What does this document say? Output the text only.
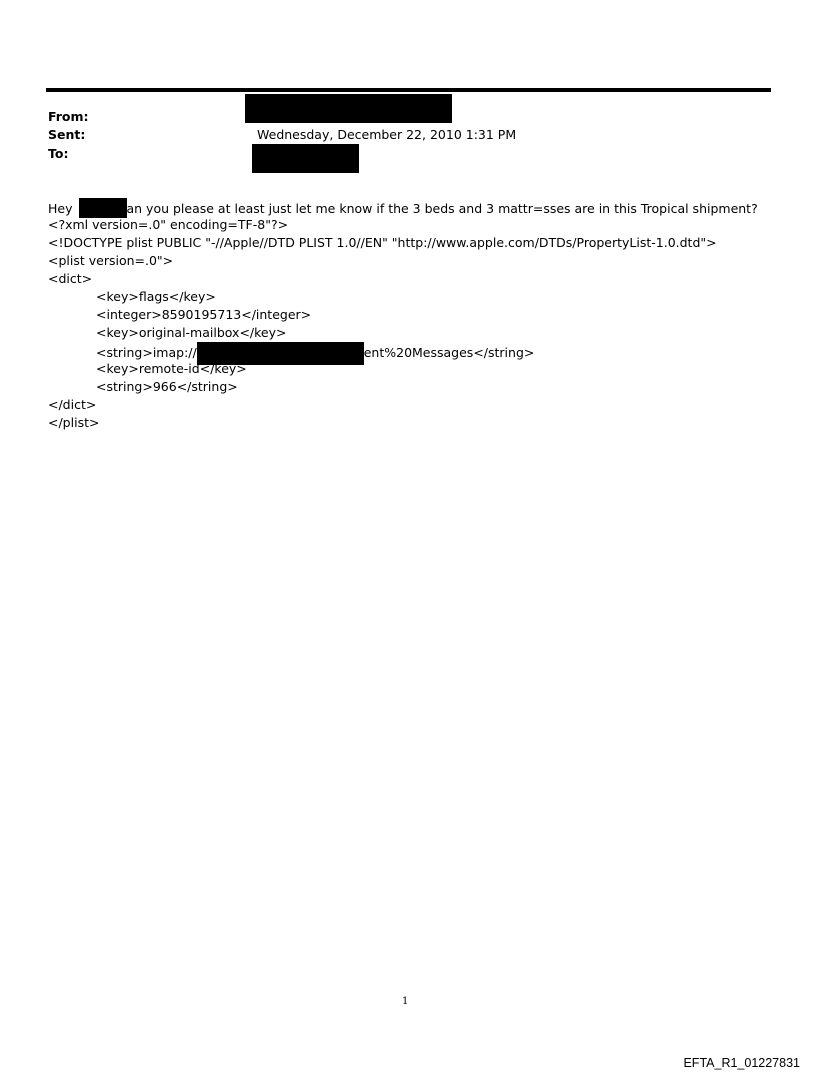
From:
Sent:	Wednesday, December 22, 2010 1:31 PM
To:
Hey	an you please at least just let me know if the 3 beds and 3 mattr=sses are in this Tropical shipment?
<?xml version=.0" encoding=TF-8"?>
<!DOCTYPE plist PUBLIC "-//Apple//DTD PLIST 1.0//EN" "http://www.apple.com/DTDs/PropertyList-1.0.dtd">
<plist version=.0">
<dict>
<key>flags</key>
<integer>8590195713</integer>
<key>original-mailbox</key>
<string>imap://	ent%20Messages</string>
<key>remote-id</key>
<string>966</string>
</dict>
</plist>
1
EFTA_R1_01227831
